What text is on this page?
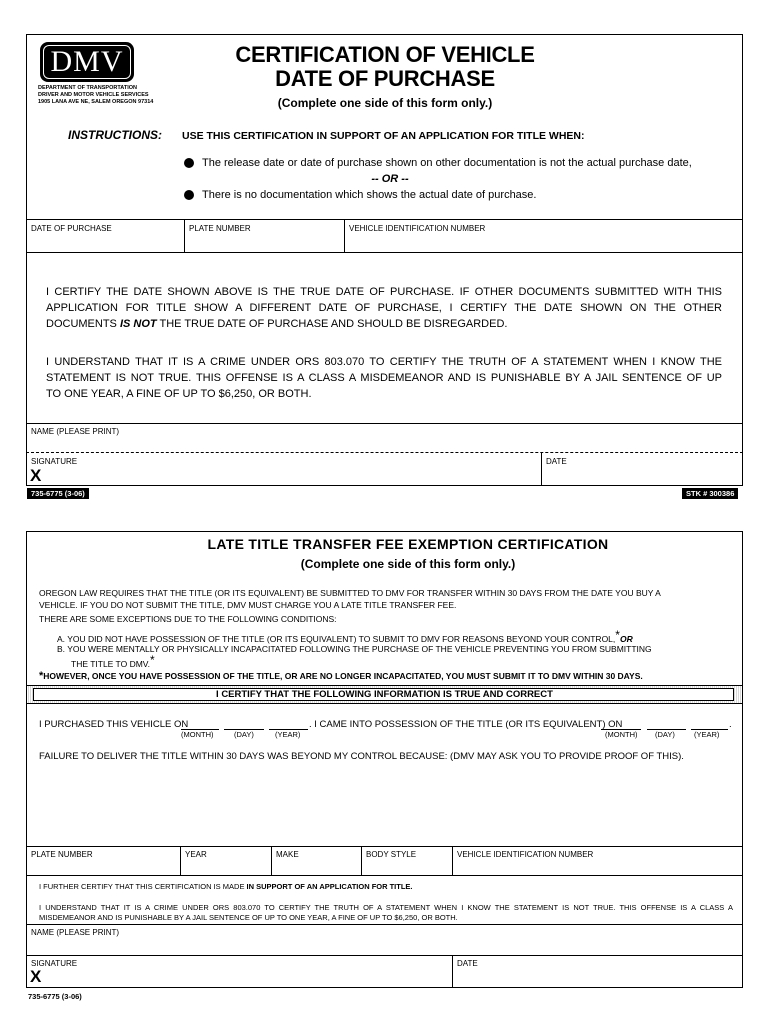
DMV
DEPARTMENT OF TRANSPORTATION
DRIVER AND MOTOR VEHICLE SERVICES
1905 LANA AVE NE, SALEM OREGON 97314
CERTIFICATION OF VEHICLE
DATE OF PURCHASE
(Complete one side of this form only.)
INSTRUCTIONS: USE THIS CERTIFICATION IN SUPPORT OF AN APPLICATION FOR TITLE WHEN:
The release date or date of purchase shown on other documentation is not the actual purchase date,
-- OR --
There is no documentation which shows the actual date of purchase.
DATE OF PURCHASE	PLATE NUMBER	VEHICLE IDENTIFICATION NUMBER
I CERTIFY THE DATE SHOWN ABOVE IS THE TRUE DATE OF PURCHASE. IF OTHER DOCUMENTS SUBMITTED WITH THIS
APPLICATION FOR TITLE SHOW A DIFFERENT DATE OF PURCHASE, I CERTIFY THE DATE SHOWN ON THE OTHER
DOCUMENTS IS NOT THE TRUE DATE OF PURCHASE AND SHOULD BE DISREGARDED.
I UNDERSTAND THAT IT IS A CRIME UNDER ORS 803.070 TO CERTIFY THE TRUTH OF A STATEMENT WHEN I KNOW THE
STATEMENT IS NOT TRUE. THIS OFFENSE IS A CLASS A MISDEMEANOR AND IS PUNISHABLE BY A JAIL SENTENCE OF UP
TO ONE YEAR, A FINE OF UP TO $6,250, OR BOTH.
NAME (PLEASE PRINT)
SIGNATURE
X
DATE
735-6775 (3-06)	STK # 300386
LATE TITLE TRANSFER FEE EXEMPTION CERTIFICATION
(Complete one side of this form only.)
OREGON LAW REQUIRES THAT THE TITLE (OR ITS EQUIVALENT) BE SUBMITTED TO DMV FOR TRANSFER WITHIN 30 DAYS FROM THE DATE YOU BUY A
VEHICLE. IF YOU DO NOT SUBMIT THE TITLE, DMV MUST CHARGE YOU A LATE TITLE TRANSFER FEE.
THERE ARE SOME EXCEPTIONS DUE TO THE FOLLOWING CONDITIONS:
A. YOU DID NOT HAVE POSSESSION OF THE TITLE (OR ITS EQUIVALENT) TO SUBMIT TO DMV FOR REASONS BEYOND YOUR CONTROL,*OR
B. YOU WERE MENTALLY OR PHYSICALLY INCAPACITATED FOLLOWING THE PURCHASE OF THE VEHICLE PREVENTING YOU FROM SUBMITTING
THE TITLE TO DMV.*
*HOWEVER, ONCE YOU HAVE POSSESSION OF THE TITLE, OR ARE NO LONGER INCAPACITATED, YOU MUST SUBMIT IT TO DMV WITHIN 30 DAYS.
I CERTIFY THAT THE FOLLOWING INFORMATION IS TRUE AND CORRECT
I PURCHASED THIS VEHICLE ON	. I CAME INTO POSSESSION OF THE TITLE (OR ITS EQUIVALENT) ON	.
(MONTH)	(DAY)	(YEAR)	(MONTH) (DAY)	(YEAR)
FAILURE TO DELIVER THE TITLE WITHIN 30 DAYS WAS BEYOND MY CONTROL BECAUSE: (DMV MAY ASK YOU TO PROVIDE PROOF OF THIS).
PLATE NUMBER	YEAR	MAKE	BODY STYLE	VEHICLE IDENTIFICATION NUMBER
I FURTHER CERTIFY THAT THIS CERTIFICATION IS MADE IN SUPPORT OF AN APPLICATION FOR TITLE.
I UNDERSTAND THAT IT IS A CRIME UNDER ORS 803.070 TO CERTIFY THE TRUTH OF A STATEMENT WHEN I KNOW THE STATEMENT IS NOT TRUE. THIS OFFENSE IS A CLASS A
MISDEMEANOR AND IS PUNISHABLE BY A JAIL SENTENCE OF UP TO ONE YEAR, A FINE OF UP TO $6,250, OR BOTH.
NAME (PLEASE PRINT)
SIGNATURE
X
DATE
735-6775 (3-06)
